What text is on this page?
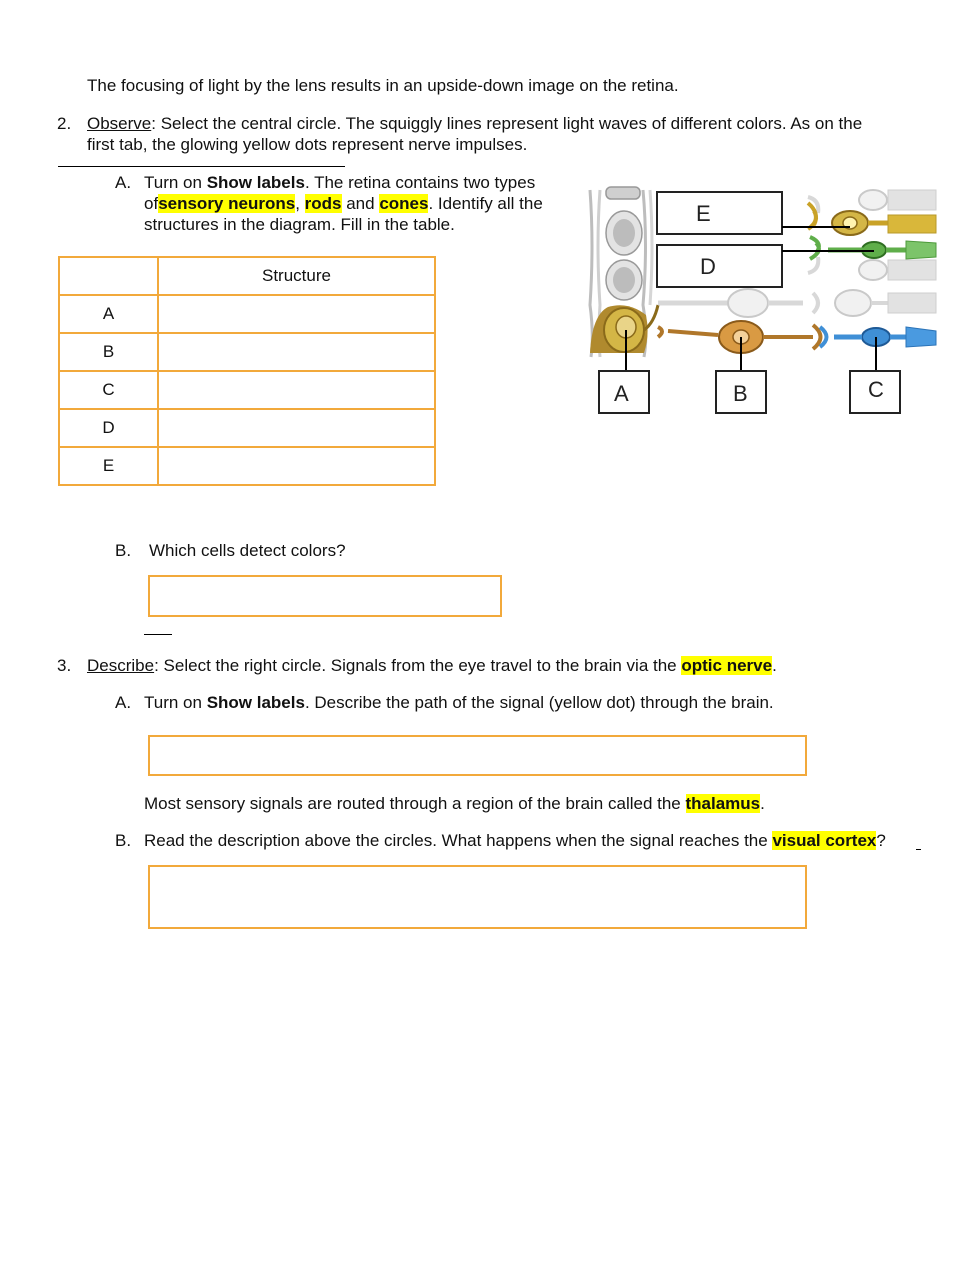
The focusing of light by the lens results in an upside-down image on the retina.
2. Observe: Select the central circle. The squiggly lines represent light waves of different colors. As on the
first tab, the glowing yellow dots represent nerve impulses.
A. Turn on Show labels. The retina contains two types
ofsensory neurons, rods and cones. Identify all the
structures in the diagram. Fill in the table.
	Structure
A	
B	
C	
D	
E	
E
D
A	B	C
B. Which cells detect colors?
3. Describe: Select the right circle. Signals from the eye travel to the brain via the optic nerve.
A. Turn on Show labels. Describe the path of the signal (yellow dot) through the brain.
Most sensory signals are routed through a region of the brain called the thalamus.
B. Read the description above the circles. What happens when the signal reaches the visual cortex?
